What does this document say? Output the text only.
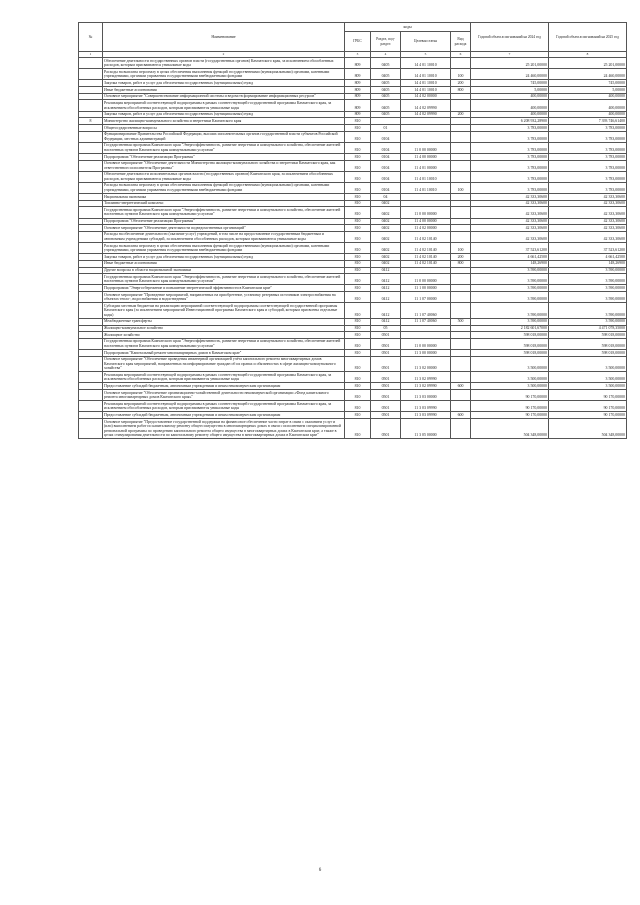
№	Наименование	коды				Годовой объем ассигнований на 2024 год	Годовой объем ассигнований на 2025 год
		ГРБС	Раздел, под-раздел	Целевая статья	Вид расхода		
1	2	3	4	5	6	7	8
	Обеспечение деятельности государственных органов власти (государственных органов) Камчатского края, за исключением обособленных расходов, которым присваиваются уникальные коды	809	0405	14 4 01 10010		25 201,00000	25 201,00000
	Расходы на выплаты персоналу в целях обеспечения выполнения функций государственными (муниципальными) органами, казенными учреждениями, органами управления государственными внебюджетными фондами	809	0405	14 4 01 10010	100	24 460,00000	24 460,00000
	Закупка товаров, работ и услуг для обеспечения государственных (муниципальных) нужд	809	0405	14 4 01 10010	200	745,00000	745,00000
	Иные бюджетные ассигнования	809	0405	14 4 01 10010	800	5,00000	5,00000
	Основное мероприятие "Совершенствование информационной системы и ведомств формирование информационных ресурсов"	809	0405	14 4 02 00000		400,00000	400,00000
	Реализация мероприятий соответствующей подпрограммы в рамках соответствующей государственной программы Камчатского края, за исключением обособленных расходов, которым присваиваются уникальные коды	809	0405	14 4 02 09990		400,00000	400,00000
	Закупка товаров, работ и услуг для обеспечения государственных (муниципальных) нужд	809	0405	14 4 02 09990	200	400,00000	400,00000
8	Министерство жилищно-коммунального хозяйства и энергетики Камчатского края	810				6 208 932,28900	7 393 746,61400
	Общегосударственные вопросы	810	01			3 783,00000	3 783,00000
	Функционирование Правительства Российской Федерации, высших исполнительных органов государственной власти субъектов Российской Федерации, местных администраций	810	0104			3 783,00000	3 783,00000
	Государственная программа Камчатского края "Энергоэффективность, развитие энергетики и коммунального хозяйства, обеспечение жителей населенных пунктов Камчатского края коммунальными услугами"	810	0104	11 0 00 00000		3 783,00000	3 783,00000
	Подпрограмма "Обеспечение реализации Программы"	810	0104	11 4 00 00000		3 783,00000	3 783,00000
	Основное мероприятие "Обеспечение деятельности Министерства жилищно-коммунального хозяйства и энергетики Камчатского края, как ответственного исполнителя Программы"	810	0104	11 4 01 00000		3 783,00000	3 783,00000
	Обеспечение деятельности исполнительных органов власти (государственных органов) Камчатского края, за исключением обособленных расходов, которым присваиваются уникальные коды	810	0104	11 4 01 10010		3 783,00000	3 783,00000
	Расходы на выплаты персоналу в целях обеспечения выполнения функций государственными (муниципальными) органами, казенными учреждениями, органами управления государственными внебюджетными фондами	810	0104	11 4 01 10010	100	3 783,00000	3 783,00000
	Национальная экономика	810	04			42 333,30600	42 333,30600
	Топливно-энергетический комплекс	810	0402			42 333,30600	42 333,30600
	Государственная программа Камчатского края "Энергоэффективность, развитие энергетики и коммунального хозяйства, обеспечение жителей населенных пунктов Камчатского края коммунальными услугами"	810	0402	11 0 00 00000		42 333,30600	42 333,30600
	Подпрограмма "Обеспечение реализации Программы"	810	0402	11 4 00 00000		42 333,30600	42 333,30600
	Основное мероприятие "Обеспечение деятельности подведомственных организаций"	810	0402	11 4 02 00000		42 333,30600	42 333,30600
	Расходы на обеспечение деятельности (оказание услуг) учреждений, в том числе на предоставление государственным бюджетным и автономным учреждениям субсидий, за исключением обособленных расходов, которым присваиваются уникальные коды	810	0402	11 4 02 10140		42 333,30600	42 333,30600
	Расходы на выплаты персоналу в целях обеспечения выполнения функций государственными (муниципальными) органами, казенными учреждениями, органами управления государственными внебюджетными фондами	810	0402	11 4 02 10140	100	37 523,61200	37 523,61200
	Закупка товаров, работ и услуг для обеспечения государственных (муниципальных) нужд	810	0402	11 4 02 10140	200	4 661,42500	4 661,42500
	Иные бюджетные ассигнования	810	0402	11 4 02 10140	800	148,26900	148,26900
	Другие вопросы в области национальной экономики	810	0412			3 590,00000	3 590,00000
	Государственная программа Камчатского края "Энергоэффективность, развитие энергетики и коммунального хозяйства, обеспечение жителей населенных пунктов Камчатского края коммунальными услугами"	810	0412	11 0 00 00000		3 590,00000	3 590,00000
	Подпрограмма "Энергосбережение и повышение энергетической эффективности в Камчатском крае"	810	0412	11 1 00 00000		3 590,00000	3 590,00000
	Основное мероприятие "Проведение мероприятий, направленных на приобретение, установку резервных источников электроснабжения на объектах тепло-, водоснабжения и водоотведения"	810	0412	11 1 07 00000		3 590,00000	3 590,00000
	Субсидии местным бюджетам на реализацию мероприятий соответствующей подпрограммы соответствующей государственной программы Камчатского края (за исключением мероприятий Инвестиционной программы Камчатского края и субсидий, которым присвоены отдельные коды)	810	0412	11 1 07 40060		3 590,00000	3 590,00000
	Межбюджетные трансферты	810	0412	11 1 07 40060	500	3 590,00000	3 590,00000
	Жилищно-коммунальное хозяйство	810	05			2 182 601,67000	4 471 078,35000
	Жилищное хозяйство	810	0501			598 018,00000	598 018,00000
	Государственная программа Камчатского края "Энергоэффективность, развитие энергетики и коммунального хозяйства, обеспечение жителей населенных пунктов Камчатского края коммунальными услугами"	810	0501	11 0 00 00000		598 018,00000	598 018,00000
	Подпрограмма "Капитальный ремонт многоквартирных домов в Камчатском крае"	810	0501	11 3 00 00000		598 018,00000	598 018,00000
	Основное мероприятие "Обеспечение проведения инженерной организацией учёта капитального ремонта многоквартирных домов Камчатского края мероприятий, направленных на информирование граждан об их правах и обязанностях в сфере жилищно-коммунального хозяйства"	810	0501	11 3 02 00000		3 500,00000	3 500,00000
	Реализация мероприятий соответствующей подпрограммы в рамках соответствующей государственной программы Камчатского края, за исключением обособленных расходов, которым присваиваются уникальные коды	810	0501	11 3 02 09990		3 500,00000	3 500,00000
	Предоставление субсидий бюджетным, автономным учреждениям и иным некоммерческим организациям	810	0501	11 3 02 09990	600	3 500,00000	3 500,00000
	Основное мероприятие "Обеспечение организационно-хозяйственной деятельности некоммерческой организации «Фонд капитального ремонта многоквартирных домов Камчатского края»"	810	0501	11 3 03 00000		90 170,00000	90 170,00000
	Реализация мероприятий соответствующей подпрограммы в рамках соответствующей государственной программы Камчатского края, за исключением обособленных расходов, которым присваиваются уникальные коды	810	0501	11 3 03 09990		90 170,00000	90 170,00000
	Предоставление субсидий бюджетным, автономным учреждениям и иным некоммерческим организациям	810	0501	11 3 03 09990	600	90 170,00000	90 170,00000
	Основное мероприятие "Предоставление государственной поддержки на финансовое обеспечение части затрат в связи с оказанием услуг и (или) выполнением работ по капитальному ремонту общего имущества в многоквартирных домах в связи с исполнением специализированной региональной программы по проведению капитального ремонта общего имущества в многоквартирных домах в Камчатском крае, а также в целях стимулирования деятельности по капитальному ремонту общего имущества в многоквартирных домах в Камчатском крае"	810	0501	11 3 05 00000		504 348,00000	504 348,00000
6
